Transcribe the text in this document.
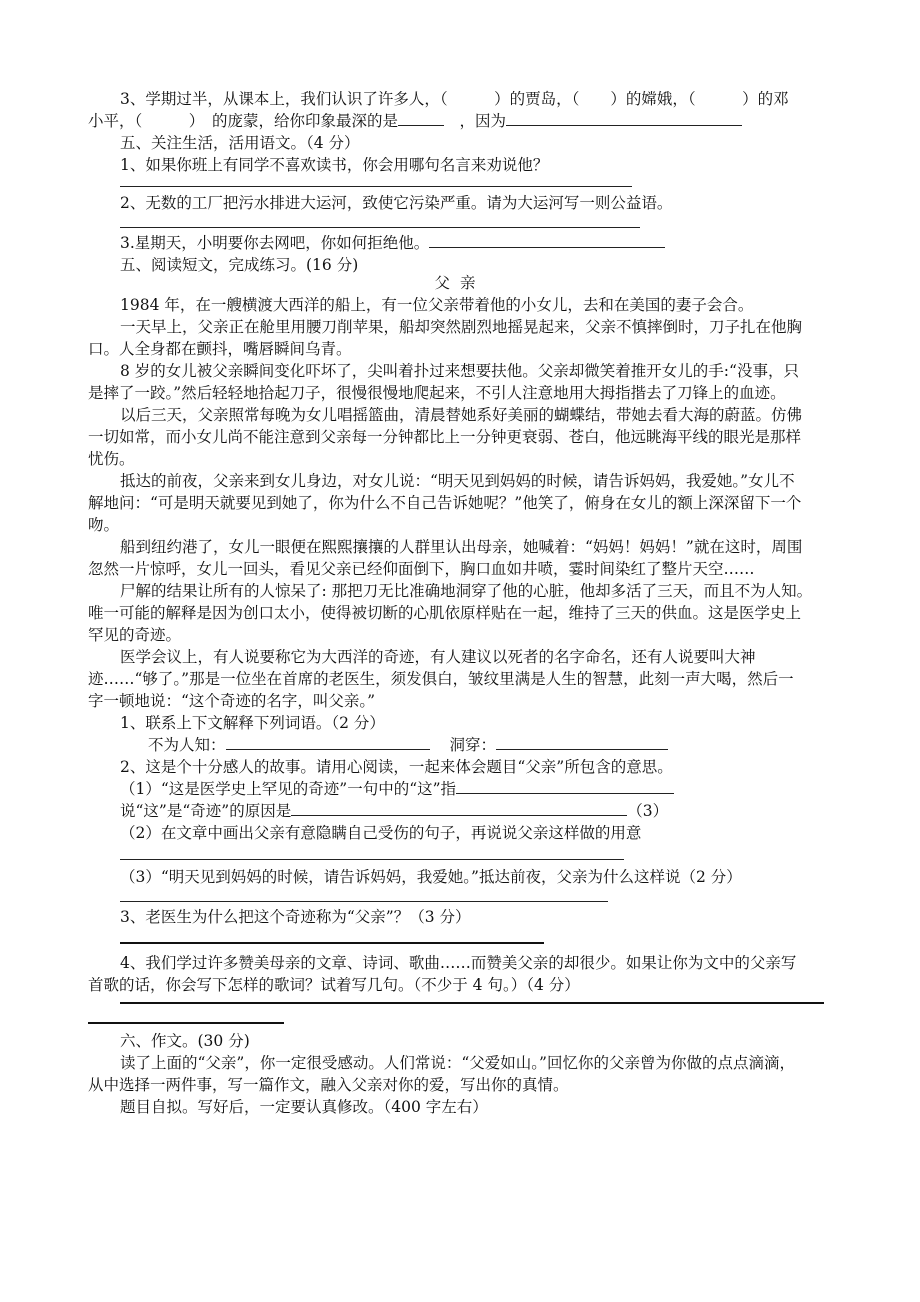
3、学期过半，从课本上，我们认识了许多人，（　　　）的贾岛，（　　）的嫦娥，（　　　）的邓
小平，（　　　）　的庞蒙，给你印象最深的是	　，因为
五、关注生活，活用语文。（4 分）
1、如果你班上有同学不喜欢读书，你会用哪句名言来劝说他？
2、无数的工厂把污水排进大运河，致使它污染严重。请为大运河写一则公益语。
3.星期天，小明要你去网吧，你如何拒绝他。
五、阅读短文，完成练习。(16 分)
父亲
1984 年，在一艘横渡大西洋的船上，有一位父亲带着他的小女儿，去和在美国的妻子会合。
一天早上，父亲正在舱里用腰刀削苹果，船却突然剧烈地摇晃起来，父亲不慎摔倒时，刀子扎在他胸
口。人全身都在颤抖，嘴唇瞬间乌青。
8 岁的女儿被父亲瞬间变化吓坏了，尖叫着扑过来想要扶他。父亲却微笑着推开女儿的手:“没事，只
是摔了一跤。”然后轻轻地拾起刀子，很慢很慢地爬起来，不引人注意地用大拇指揩去了刀锋上的血迹。
以后三天，父亲照常每晚为女儿唱摇篮曲，清晨替她系好美丽的蝴蝶结，带她去看大海的蔚蓝。仿佛
一切如常，而小女儿尚不能注意到父亲每一分钟都比上一分钟更衰弱、苍白，他远眺海平线的眼光是那样
忧伤。
抵达的前夜，父亲来到女儿身边，对女儿说：“明天见到妈妈的时候，请告诉妈妈，我爱她。”女儿不
解地问：“可是明天就要见到她了，你为什么不自己告诉她呢？”他笑了，俯身在女儿的额上深深留下一个
吻。
船到纽约港了，女儿一眼便在熙熙攘攘的人群里认出母亲，她喊着：“妈妈！妈妈！”就在这时，周围
忽然一片惊呼，女儿一回头，看见父亲已经仰面倒下，胸口血如井喷，霎时间染红了整片天空……
尸解的结果让所有的人惊呆了: 那把刀无比准确地洞穿了他的心脏，他却多活了三天，而且不为人知。
唯一可能的解释是因为创口太小，使得被切断的心肌依原样贴在一起，维持了三天的供血。这是医学史上
罕见的奇迹。
医学会议上，有人说要称它为大西洋的奇迹，有人建议以死者的名字命名，还有人说要叫大神
迹……“够了。”那是一位坐在首席的老医生，须发俱白，皱纹里满是人生的智慧，此刻一声大喝，然后一
字一顿地说：“这个奇迹的名字，叫父亲。”
1、联系上下文解释下列词语。（2 分）
不为人知：	洞穿：
2、这是个十分感人的故事。请用心阅读，一起来体会题目“父亲”所包含的意思。
（1）“这是医学史上罕见的奇迹”一句中的“这”指
说“这”是“奇迹”的原因是	（3）
（2）在文章中画出父亲有意隐瞒自己受伤的句子，再说说父亲这样做的用意
（3）“明天见到妈妈的时候，请告诉妈妈，我爱她。”抵达前夜，父亲为什么这样说（2 分）
3、老医生为什么把这个奇迹称为“父亲”？（3 分）
4、我们学过许多赞美母亲的文章、诗词、歌曲……而赞美父亲的却很少。如果让你为文中的父亲写
首歌的话，你会写下怎样的歌词？试着写几句。（不少于 4 句。）（4 分）
六、作文。(30 分)
读了上面的“父亲”，你一定很受感动。人们常说：“父爱如山。”回忆你的父亲曾为你做的点点滴滴，
从中选择一两件事，写一篇作文，融入父亲对你的爱，写出你的真情。
题目自拟。写好后，一定要认真修改。（400 字左右）
